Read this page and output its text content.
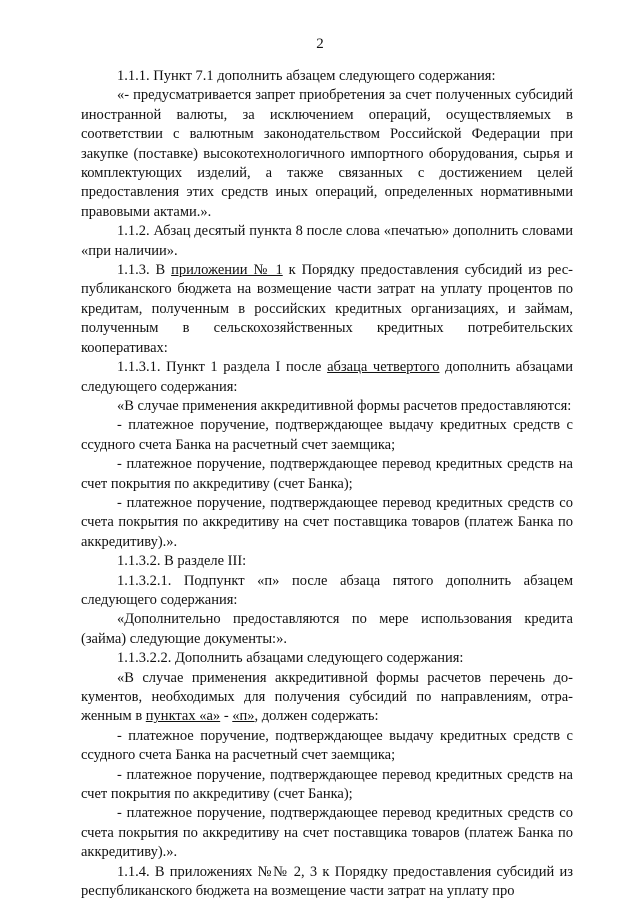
2

1.1.1. Пункт 7.1 дополнить абзацем следующего содержания:

«- предусматривается запрет приобретения за счет полученных субсидий иностранной валюты, за исключением операций, осуществляемых в соответствии с валютным законодательством Российской Федерации при закупке (поставке) высокотехнологичного импортного оборудования, сырья и комплектующих изделий, а также связанных с достижением целей предоставления этих средств иных операций, определенных нормативными правовыми актами.».

1.1.2. Абзац десятый пункта 8 после слова «печатью» дополнить словами «при наличии».

1.1.3. В приложении № 1 к Порядку предоставления субсидий из республиканского бюджета на возмещение части затрат на уплату процентов по кредитам, полученным в российских кредитных организациях, и займам, полученным в сельскохозяйственных кредитных потребительских кооперативах:

1.1.3.1. Пункт 1 раздела I после абзаца четвертого дополнить абзацами следующего содержания:

«В случае применения аккредитивной формы расчетов предоставляются:

- платежное поручение, подтверждающее выдачу кредитных средств с ссудного счета Банка на расчетный счет заемщика;

- платежное поручение, подтверждающее перевод кредитных средств на счет покрытия по аккредитиву (счет Банка);

- платежное поручение, подтверждающее перевод кредитных средств со счета покрытия по аккредитиву на счет поставщика товаров (платеж Банка по аккредитиву).».

1.1.3.2. В разделе III:

1.1.3.2.1. Подпункт «п» после абзаца пятого дополнить абзацем следующего содержания:

«Дополнительно предоставляются по мере использования кредита (займа) следующие документы:».

1.1.3.2.2. Дополнить абзацами следующего содержания:

«В случае применения аккредитивной формы расчетов перечень документов, необходимых для получения субсидий по направлениям, отраженным в пунктах «а» - «п», должен содержать:

- платежное поручение, подтверждающее выдачу кредитных средств с ссудного счета Банка на расчетный счет заемщика;

- платежное поручение, подтверждающее перевод кредитных средств на счет покрытия по аккредитиву (счет Банка);

- платежное поручение, подтверждающее перевод кредитных средств со счета покрытия по аккредитиву на счет поставщика товаров (платеж Банка по аккредитиву).».

1.1.4. В приложениях №№ 2, 3 к Порядку предоставления субсидий из республиканского бюджета на возмещение части затрат на уплату про
